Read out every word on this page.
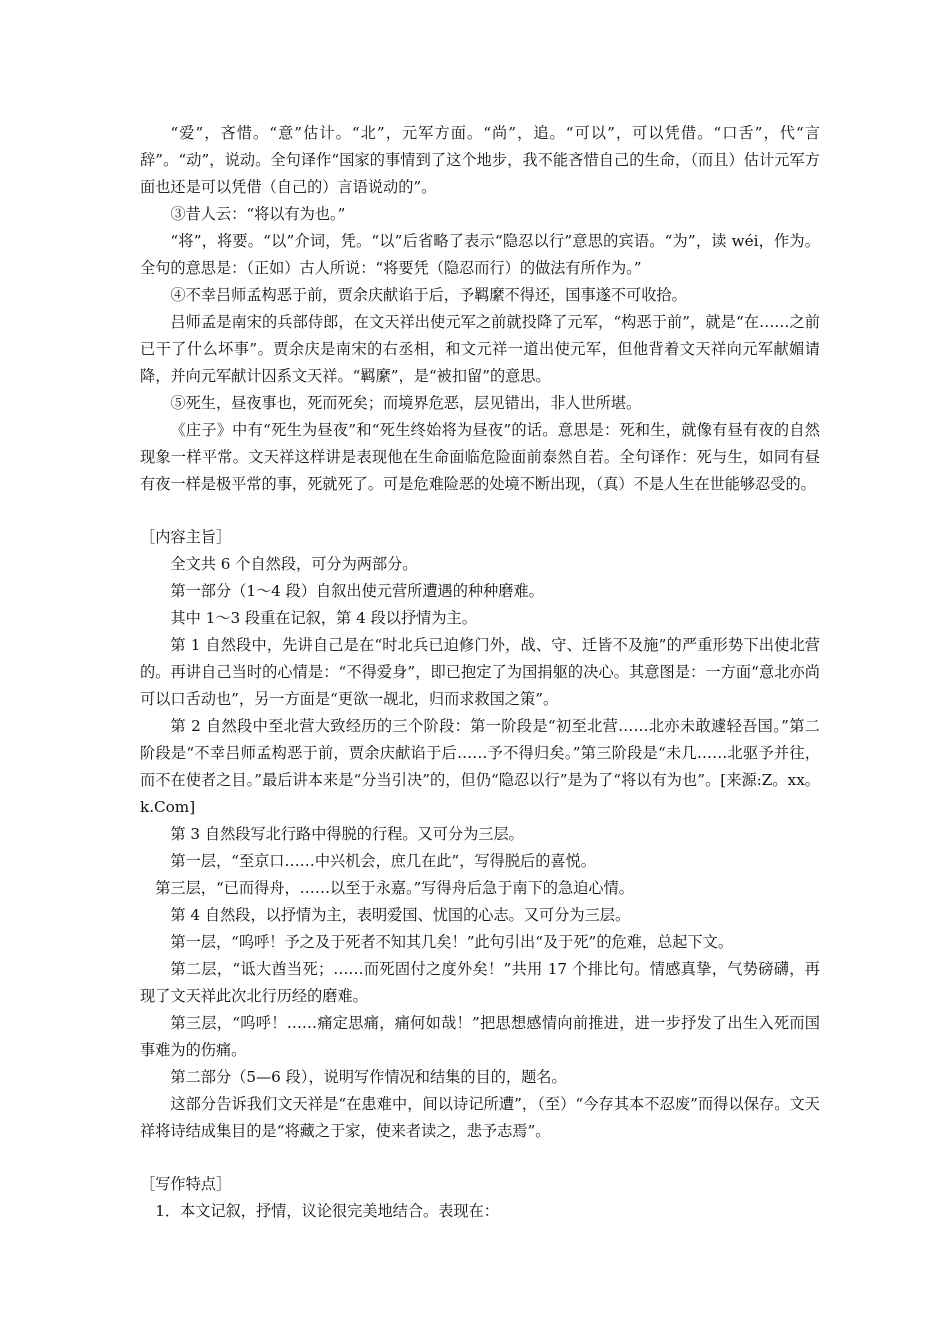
“爱”，吝惜。“意”估计。“北”，元军方面。“尚”，追。“可以”，可以凭借。“口舌”，代“言辞”。“动”，说动。全句译作“国家的事情到了这个地步，我不能吝惜自己的生命，（而且）估计元军方面也还是可以凭借（自己的）言语说动的”。

③昔人云：“将以有为也。”

“将”，将要。“以”介词，凭。“以”后省略了表示“隐忍以行”意思的宾语。“为”，读 wéi，作为。全句的意思是：（正如）古人所说：“将要凭（隐忍而行）的做法有所作为。”

④不幸吕师孟构恶于前，贾余庆献谄于后，予羁縻不得还，国事遂不可收拾。

吕师孟是南宋的兵部侍郎，在文天祥出使元军之前就投降了元军，“构恶于前”，就是“在……之前已干了什么坏事”。贾余庆是南宋的右丞相，和文元祥一道出使元军，但他背着文天祥向元军献媚请降，并向元军献计囚系文天祥。“羁縻”，是“被扣留”的意思。

⑤死生，昼夜事也，死而死矣；而境界危恶，层见错出，非人世所堪。

《庄子》中有“死生为昼夜”和“死生终始将为昼夜”的话。意思是：死和生，就像有昼有夜的自然现象一样平常。文天祥这样讲是表现他在生命面临危险面前泰然自若。全句译作：死与生，如同有昼有夜一样是极平常的事，死就死了。可是危难险恶的处境不断出现，（真）不是人生在世能够忍受的。

［内容主旨］

全文共 6 个自然段，可分为两部分。

第一部分（1～4 段）自叙出使元营所遭遇的种种磨难。

其中 1～3 段重在记叙，第 4 段以抒情为主。

第 1 自然段中，先讲自己是在“时北兵已迫修门外，战、守、迁皆不及施”的严重形势下出使北营的。再讲自己当时的心情是：“不得爱身”，即已抱定了为国捐躯的决心。其意图是：一方面“意北亦尚可以口舌动也”，另一方面是“更欲一觇北，归而求救国之策”。

第 2 自然段中至北营大致经历的三个阶段：第一阶段是“初至北营……北亦未敢遽轻吾国。”第二阶段是“不幸吕师孟构恶于前，贾余庆献谄于后……予不得归矣。”第三阶段是“未几……北驱予并往，而不在使者之目。”最后讲本来是“分当引决”的，但仍“隐忍以行”是为了“将以有为也”。[来源:Z。xx。k.Com]

第 3 自然段写北行路中得脱的行程。又可分为三层。

第一层，“至京口……中兴机会，庶几在此”，写得脱后的喜悦。

第三层，“已而得舟，……以至于永嘉。”写得舟后急于南下的急迫心情。

第 4 自然段，以抒情为主，表明爱国、忧国的心志。又可分为三层。

第一层，“呜呼！予之及于死者不知其几矣！”此句引出“及于死”的危难，总起下文。

第二层，“诋大酋当死；……而死固付之度外矣！”共用 17 个排比句。情感真挚，气势磅礴，再现了文天祥此次北行历经的磨难。

第三层，“呜呼！……痛定思痛，痛何如哉！”把思想感情向前推进，进一步抒发了出生入死而国事难为的伤痛。

第二部分（5—6 段），说明写作情况和结集的目的，题名。

这部分告诉我们文天祥是“在患难中，间以诗记所遭”，（至）“今存其本不忍废”而得以保存。文天祥将诗结成集目的是“将藏之于家，使来者读之，悲予志焉”。

［写作特点］

1．本文记叙，抒情，议论很完美地结合。表现在：
